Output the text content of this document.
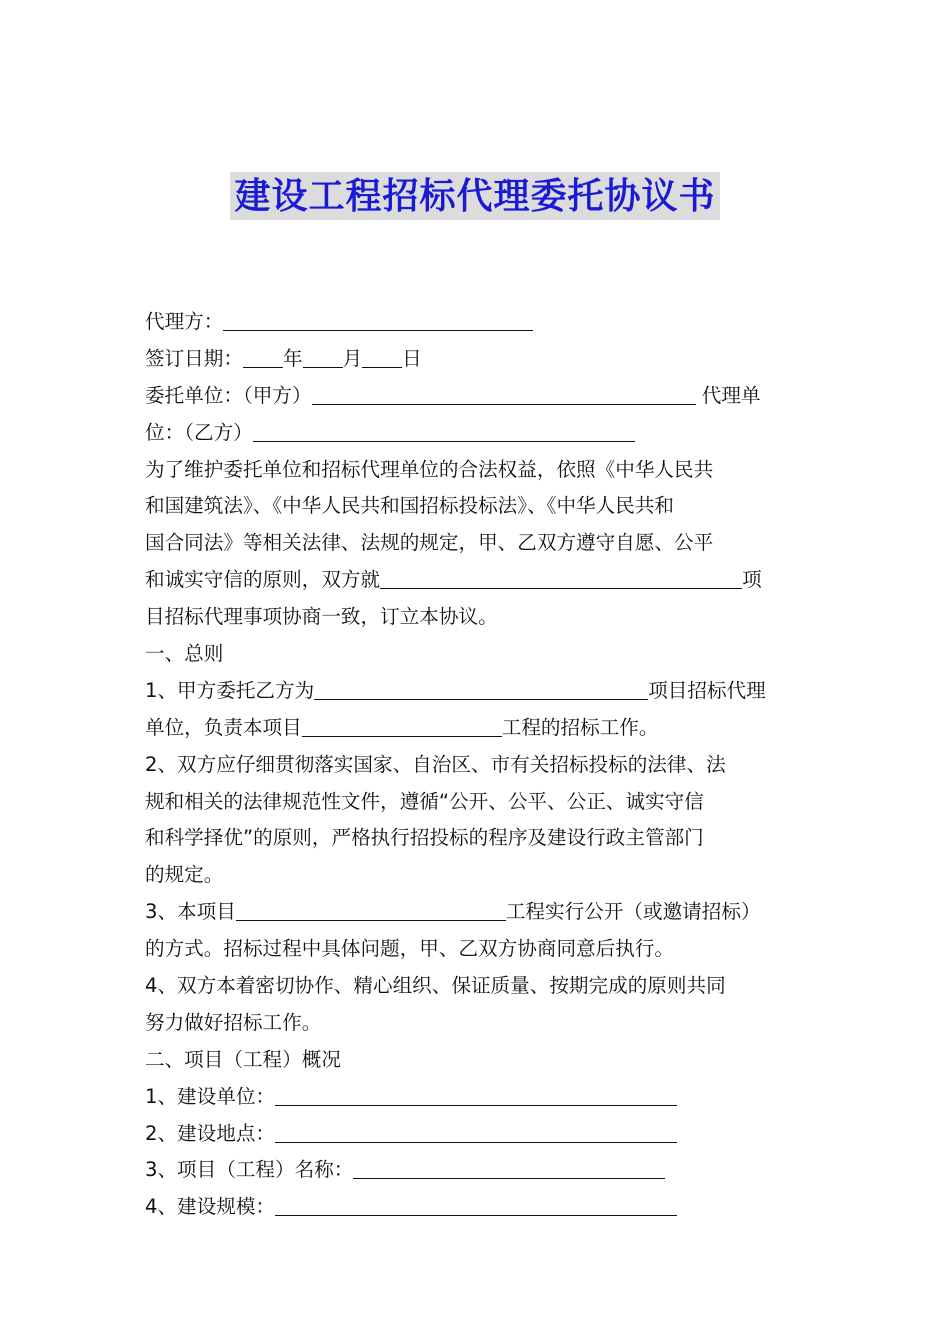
建设工程招标代理委托协议书
代理方：
签订日期： 年 月 日
委托单位：（甲方）	代理单
位：（乙方）
为了维护委托单位和招标代理单位的合法权益，依照《中华人民共
和国建筑法》、《中华人民共和国招标投标法》、《中华人民共和
国合同法》等相关法律、法规的规定，甲、乙双方遵守自愿、公平
和诚实守信的原则，双方就	项
目招标代理事项协商一致，订立本协议。
一、总则
1、甲方委托乙方为	项目招标代理
单位，负责本项目	工程的招标工作。
2、双方应仔细贯彻落实国家、自治区、市有关招标投标的法律、法
规和相关的法律规范性文件，遵循“公开、公平、公正、诚实守信
和科学择优”的原则，严格执行招投标的程序及建设行政主管部门
的规定。
3、本项目	工程实行公开（或邀请招标）
的方式。招标过程中具体问题，甲、乙双方协商同意后执行。
4、双方本着密切协作、精心组织、保证质量、按期完成的原则共同
努力做好招标工作。
二、项目（工程）概况
1、建设单位：
2、建设地点：
3、项目（工程）名称：
4、建设规模：
